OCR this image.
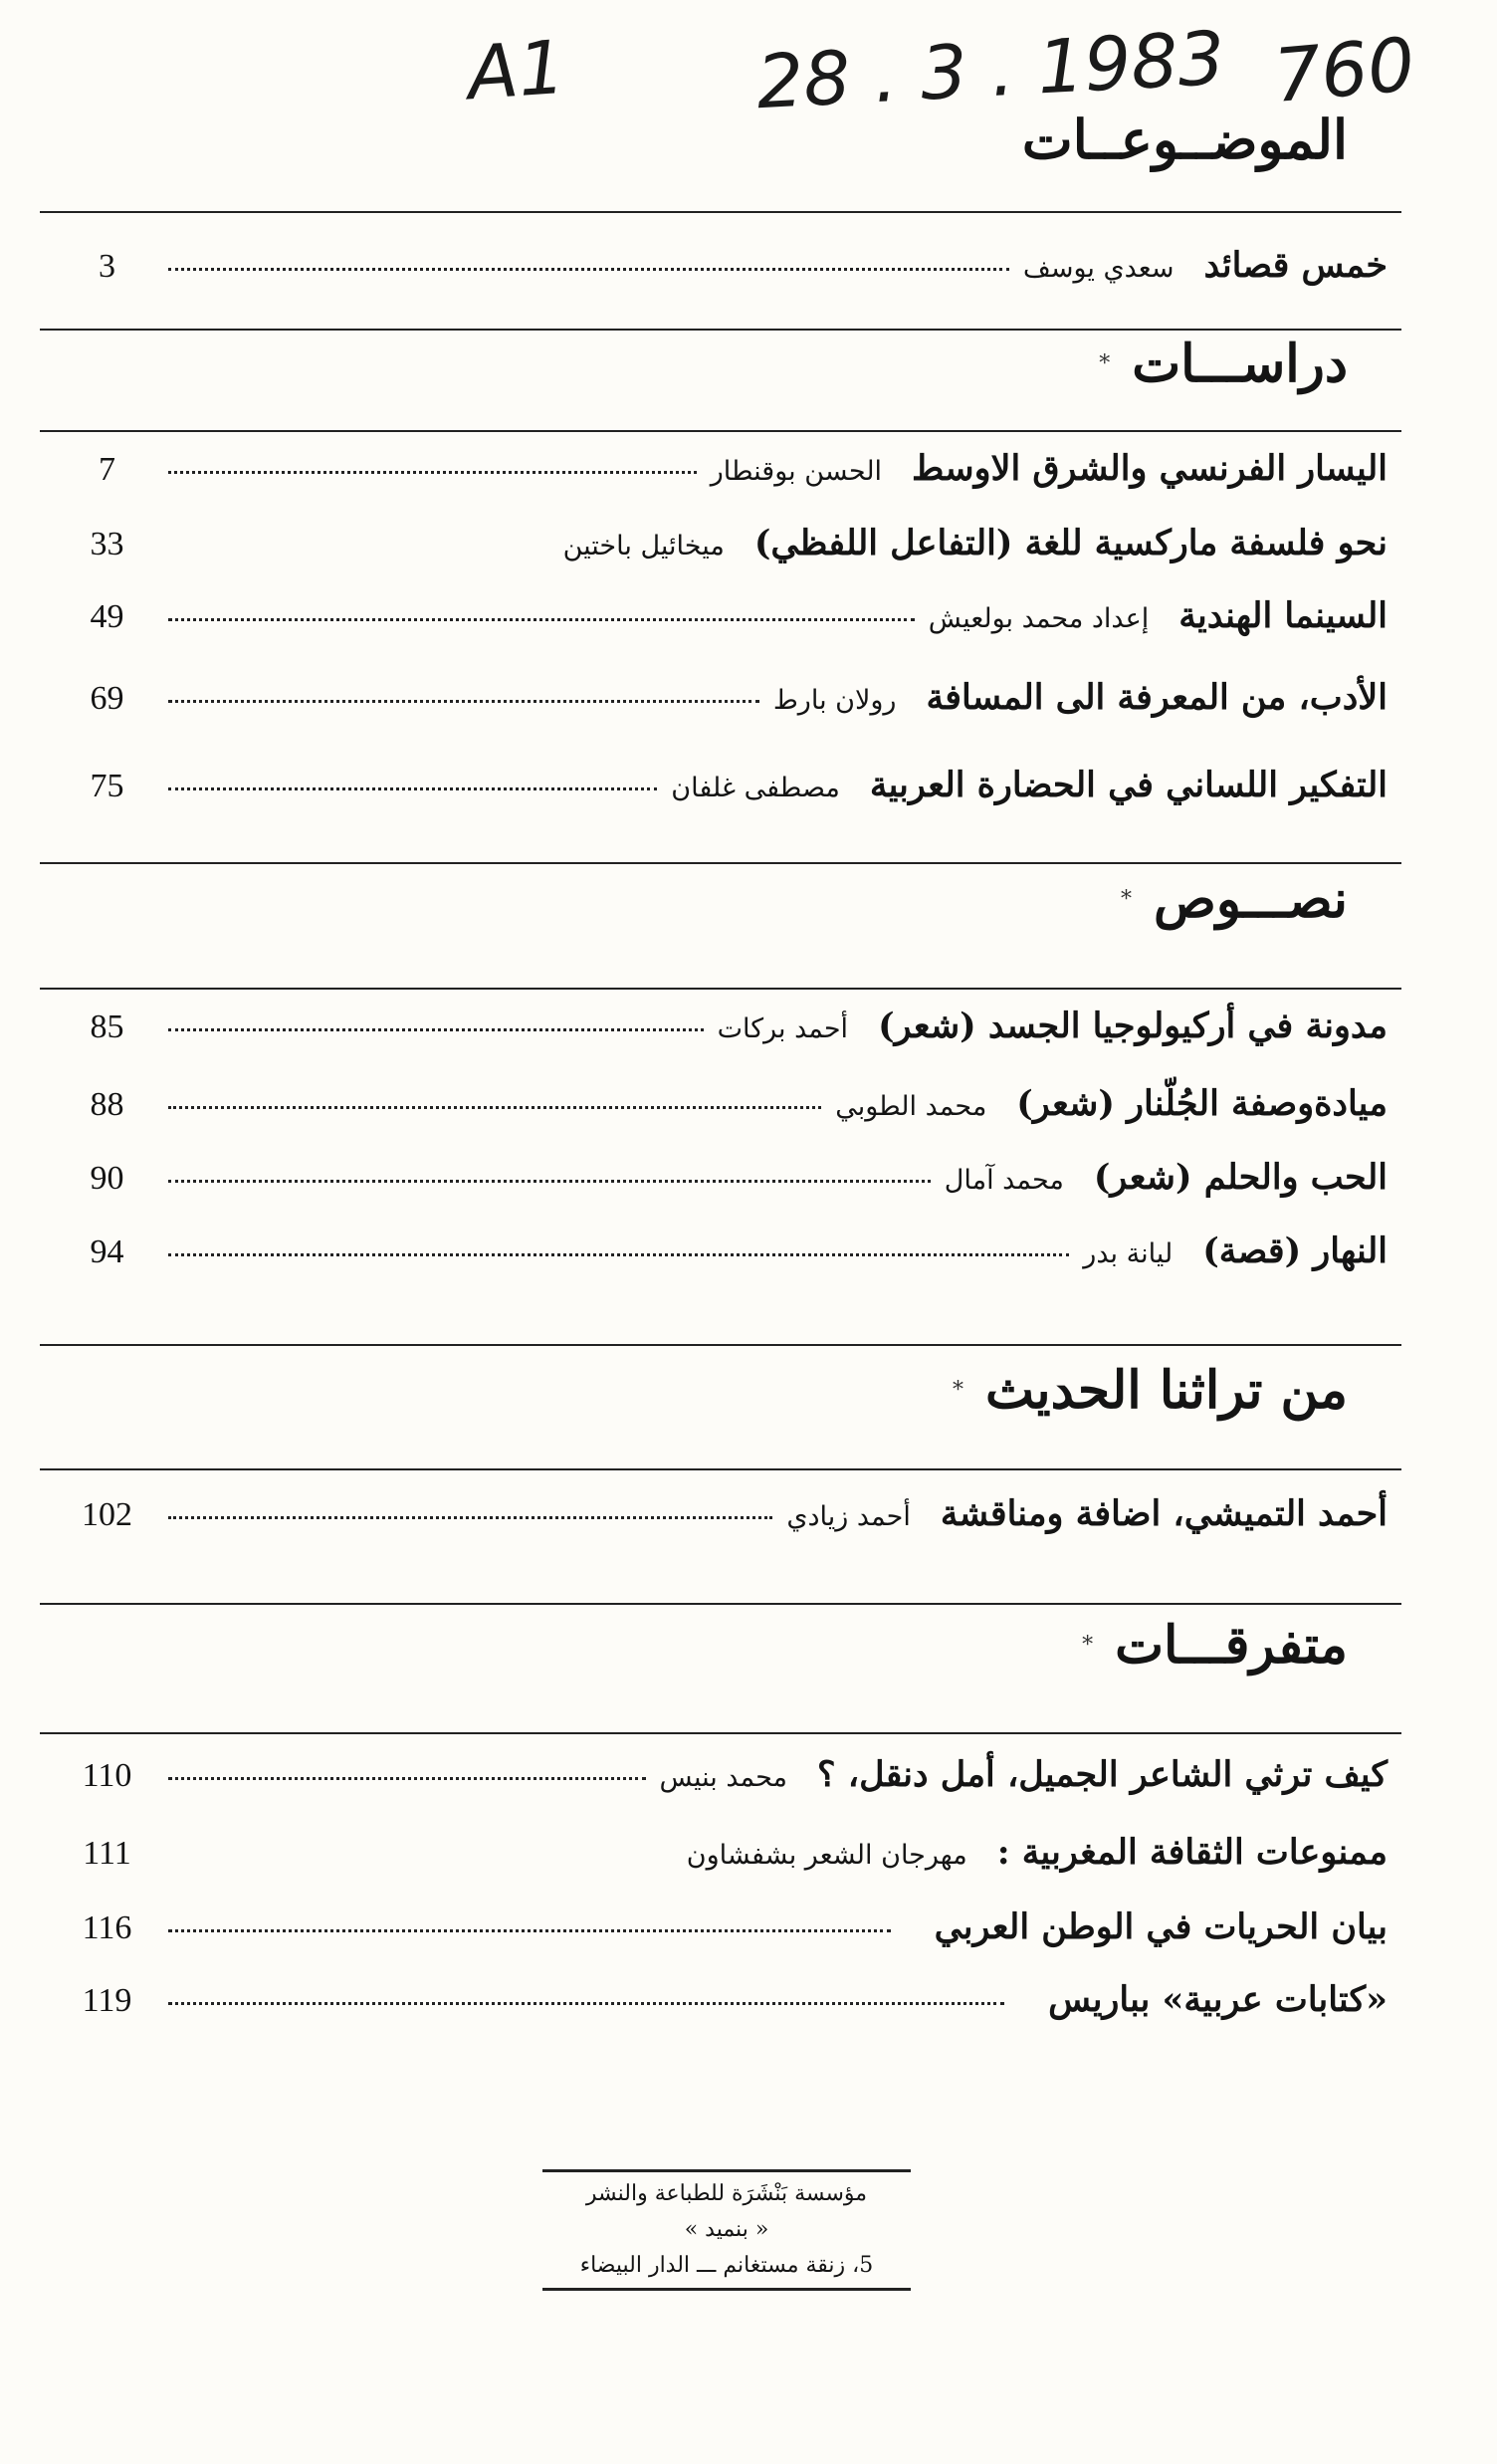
A1	28 . 3 . 1983 760
الموضــوعــات
خمس قصائد
سعدي يوسف
3
دراســـات
*
اليسار الفرنسي والشرق الاوسط
الحسن بوقنطار
7
نحو فلسفة ماركسية للغة (التفاعل اللفظي)
ميخائيل باختين
33
السينما الهندية
إعداد محمد بولعيش
49
الأدب، من المعرفة الى المسافة
رولان بارط
69
التفكير اللساني في الحضارة العربية
مصطفى غلفان
75
نصـــوص
*
مدونة في أركيولوجيا الجسد (شعر)
أحمد بركات
85
ميادةوصفة الجُلّنار (شعر)
محمد الطوبي
88
الحب والحلم (شعر)
محمد آمال
90
النهار (قصة)
ليانة بدر
94
من تراثنا الحديث
*
أحمد التميشي، اضافة ومناقشة
أحمد زيادي
102
متفرقـــات
*
كيف ترثي الشاعر الجميل، أمل دنقل، ؟
محمد بنيس
110
ممنوعات الثقافة المغربية :
مهرجان الشعر بشفشاون
111
بيان الحريات في الوطن العربي
116
«كتابات عربية» بباريس
119
مؤسسة بَنْشَرَة للطباعة والنشر
« بنميد »
5، زنقة مستغانم ـــ الدار البيضاء
